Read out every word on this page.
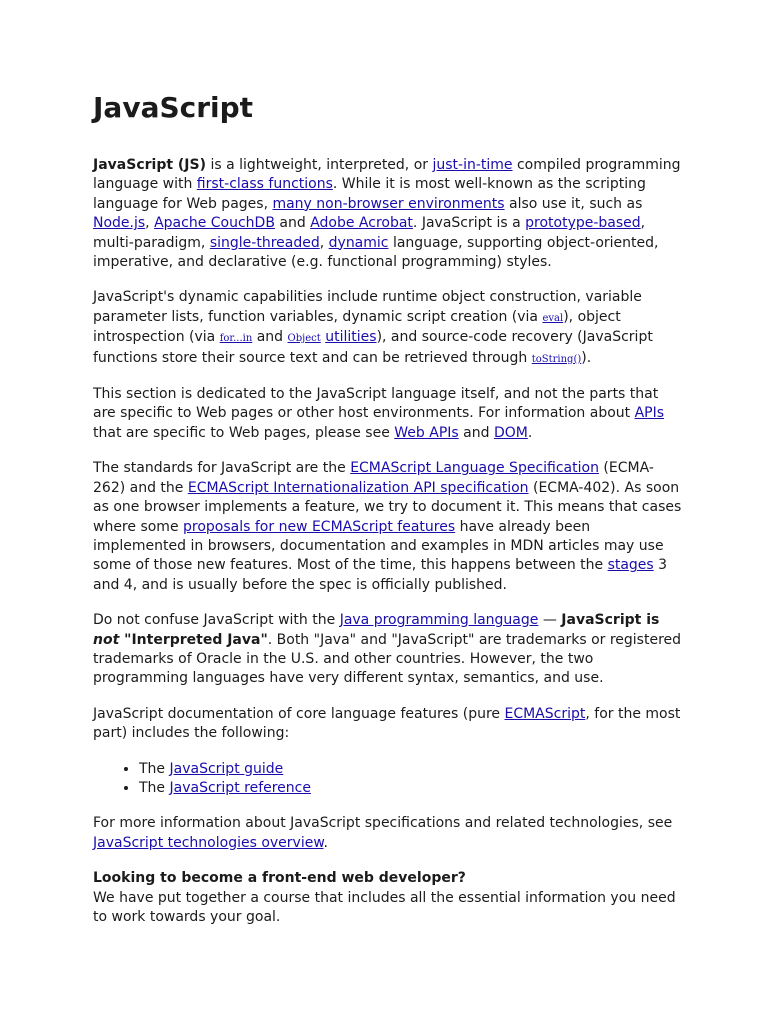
JavaScript

JavaScript (JS) is a lightweight, interpreted, or just-in-time compiled programming language with first-class functions. While it is most well-known as the scripting language for Web pages, many non-browser environments also use it, such as Node.js, Apache CouchDB and Adobe Acrobat. JavaScript is a prototype-based, multi-paradigm, single-threaded, dynamic language, supporting object-oriented, imperative, and declarative (e.g. functional programming) styles.

JavaScript's dynamic capabilities include runtime object construction, variable parameter lists, function variables, dynamic script creation (via eval), object introspection (via for...in and Object utilities), and source-code recovery (JavaScript functions store their source text and can be retrieved through toString()).

This section is dedicated to the JavaScript language itself, and not the parts that are specific to Web pages or other host environments. For information about APIs that are specific to Web pages, please see Web APIs and DOM.

The standards for JavaScript are the ECMAScript Language Specification (ECMA-262) and the ECMAScript Internationalization API specification (ECMA-402). As soon as one browser implements a feature, we try to document it. This means that cases where some proposals for new ECMAScript features have already been implemented in browsers, documentation and examples in MDN articles may use some of those new features. Most of the time, this happens between the stages 3 and 4, and is usually before the spec is officially published.

Do not confuse JavaScript with the Java programming language — JavaScript is not "Interpreted Java". Both "Java" and "JavaScript" are trademarks or registered trademarks of Oracle in the U.S. and other countries. However, the two programming languages have very different syntax, semantics, and use.

JavaScript documentation of core language features (pure ECMAScript, for the most part) includes the following:

• The JavaScript guide
• The JavaScript reference

For more information about JavaScript specifications and related technologies, see JavaScript technologies overview.

Looking to become a front-end web developer?

We have put together a course that includes all the essential information you need to work towards your goal.
